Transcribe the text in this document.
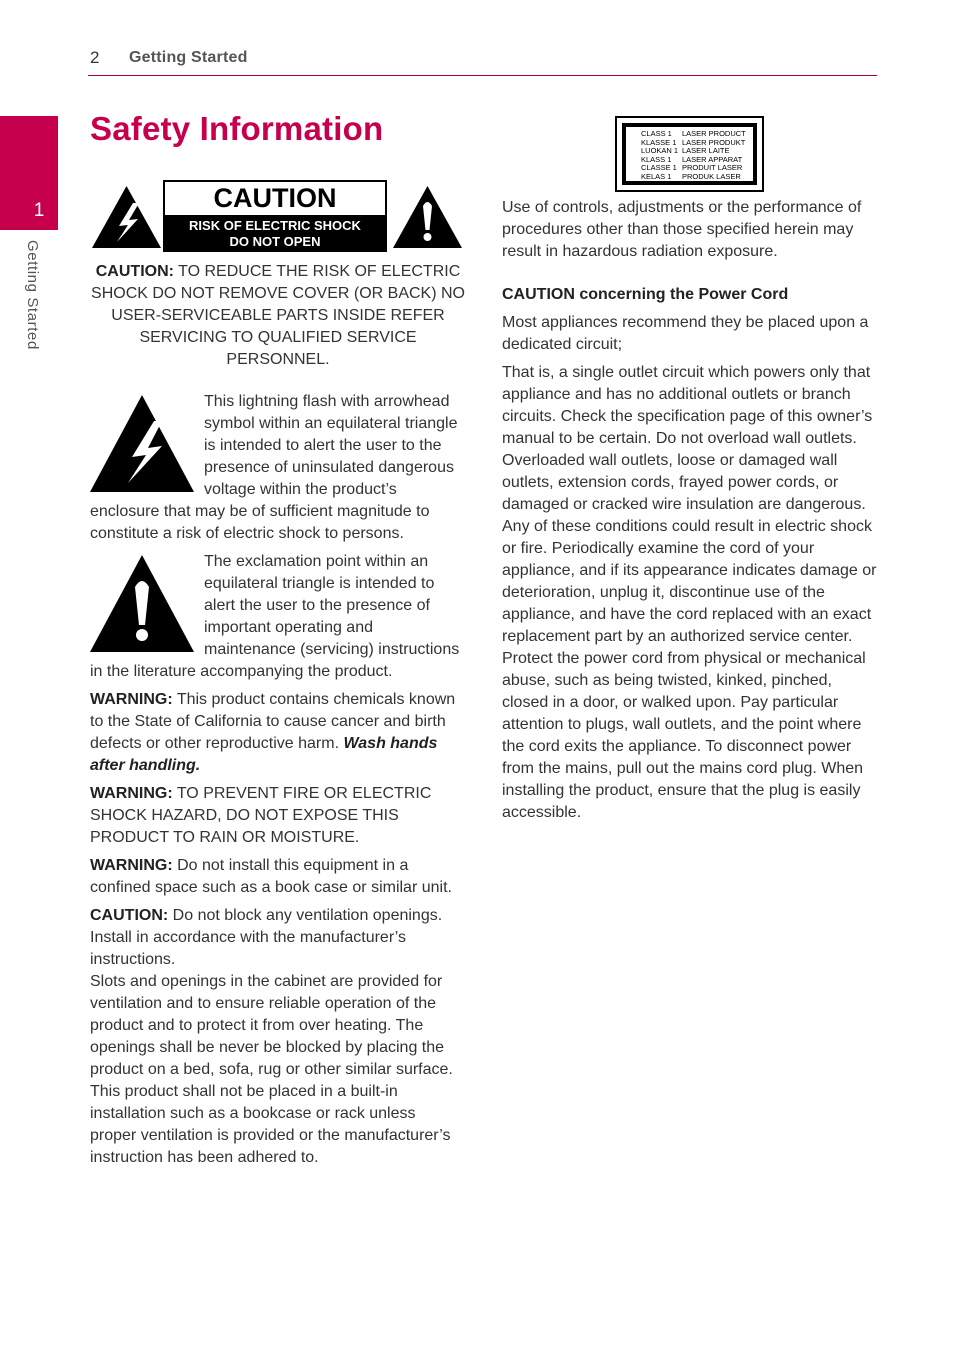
2 Getting Started
1
Getting Started
Safety Information
CAUTION
RISK OF ELECTRIC SHOCK
DO NOT OPEN

CAUTION: TO REDUCE THE RISK OF ELECTRIC SHOCK DO NOT REMOVE COVER (OR BACK) NO USER-SERVICEABLE PARTS INSIDE REFER SERVICING TO QUALIFIED SERVICE PERSONNEL.

This lightning flash with arrowhead symbol within an equilateral triangle is intended to alert the user to the presence of uninsulated dangerous voltage within the product’s enclosure that may be of sufficient magnitude to constitute a risk of electric shock to persons.

The exclamation point within an equilateral triangle is intended to alert the user to the presence of important operating and maintenance (servicing) instructions in the literature accompanying the product.

WARNING: This product contains chemicals known to the State of California to cause cancer and birth defects or other reproductive harm. Wash hands after handling.

WARNING: TO PREVENT FIRE OR ELECTRIC SHOCK HAZARD, DO NOT EXPOSE THIS PRODUCT TO RAIN OR MOISTURE.

WARNING: Do not install this equipment in a confined space such as a book case or similar unit.

CAUTION: Do not block any ventilation openings. Install in accordance with the manufacturer’s instructions.

Slots and openings in the cabinet are provided for ventilation and to ensure reliable operation of the product and to protect it from over heating. The openings shall be never be blocked by placing the product on a bed, sofa, rug or other similar surface. This product shall not be placed in a built-in installation such as a bookcase or rack unless proper ventilation is provided or the manufacturer’s instruction has been adhered to.

CLASS 1	LASER PRODUCT
KLASSE 1 LASER PRODUKT
LUOKAN 1 LASER LAITE
KLASS 1	LASER APPARAT
CLASSE 1 PRODUIT LASER
KELAS 1	PRODUK LASER

Use of controls, adjustments or the performance of procedures other than those specified herein may result in hazardous radiation exposure.

CAUTION concerning the Power Cord

Most appliances recommend they be placed upon a dedicated circuit;

That is, a single outlet circuit which powers only that appliance and has no additional outlets or branch circuits. Check the specification page of this owner’s manual to be certain. Do not overload wall outlets. Overloaded wall outlets, loose or damaged wall outlets, extension cords, frayed power cords, or damaged or cracked wire insulation are dangerous. Any of these conditions could result in electric shock or fire. Periodically examine the cord of your appliance, and if its appearance indicates damage or deterioration, unplug it, discontinue use of the appliance, and have the cord replaced with an exact replacement part by an authorized service center. Protect the power cord from physical or mechanical abuse, such as being twisted, kinked, pinched, closed in a door, or walked upon. Pay particular attention to plugs, wall outlets, and the point where the cord exits the appliance. To disconnect power from the mains, pull out the mains cord plug. When installing the product, ensure that the plug is easily accessible.
